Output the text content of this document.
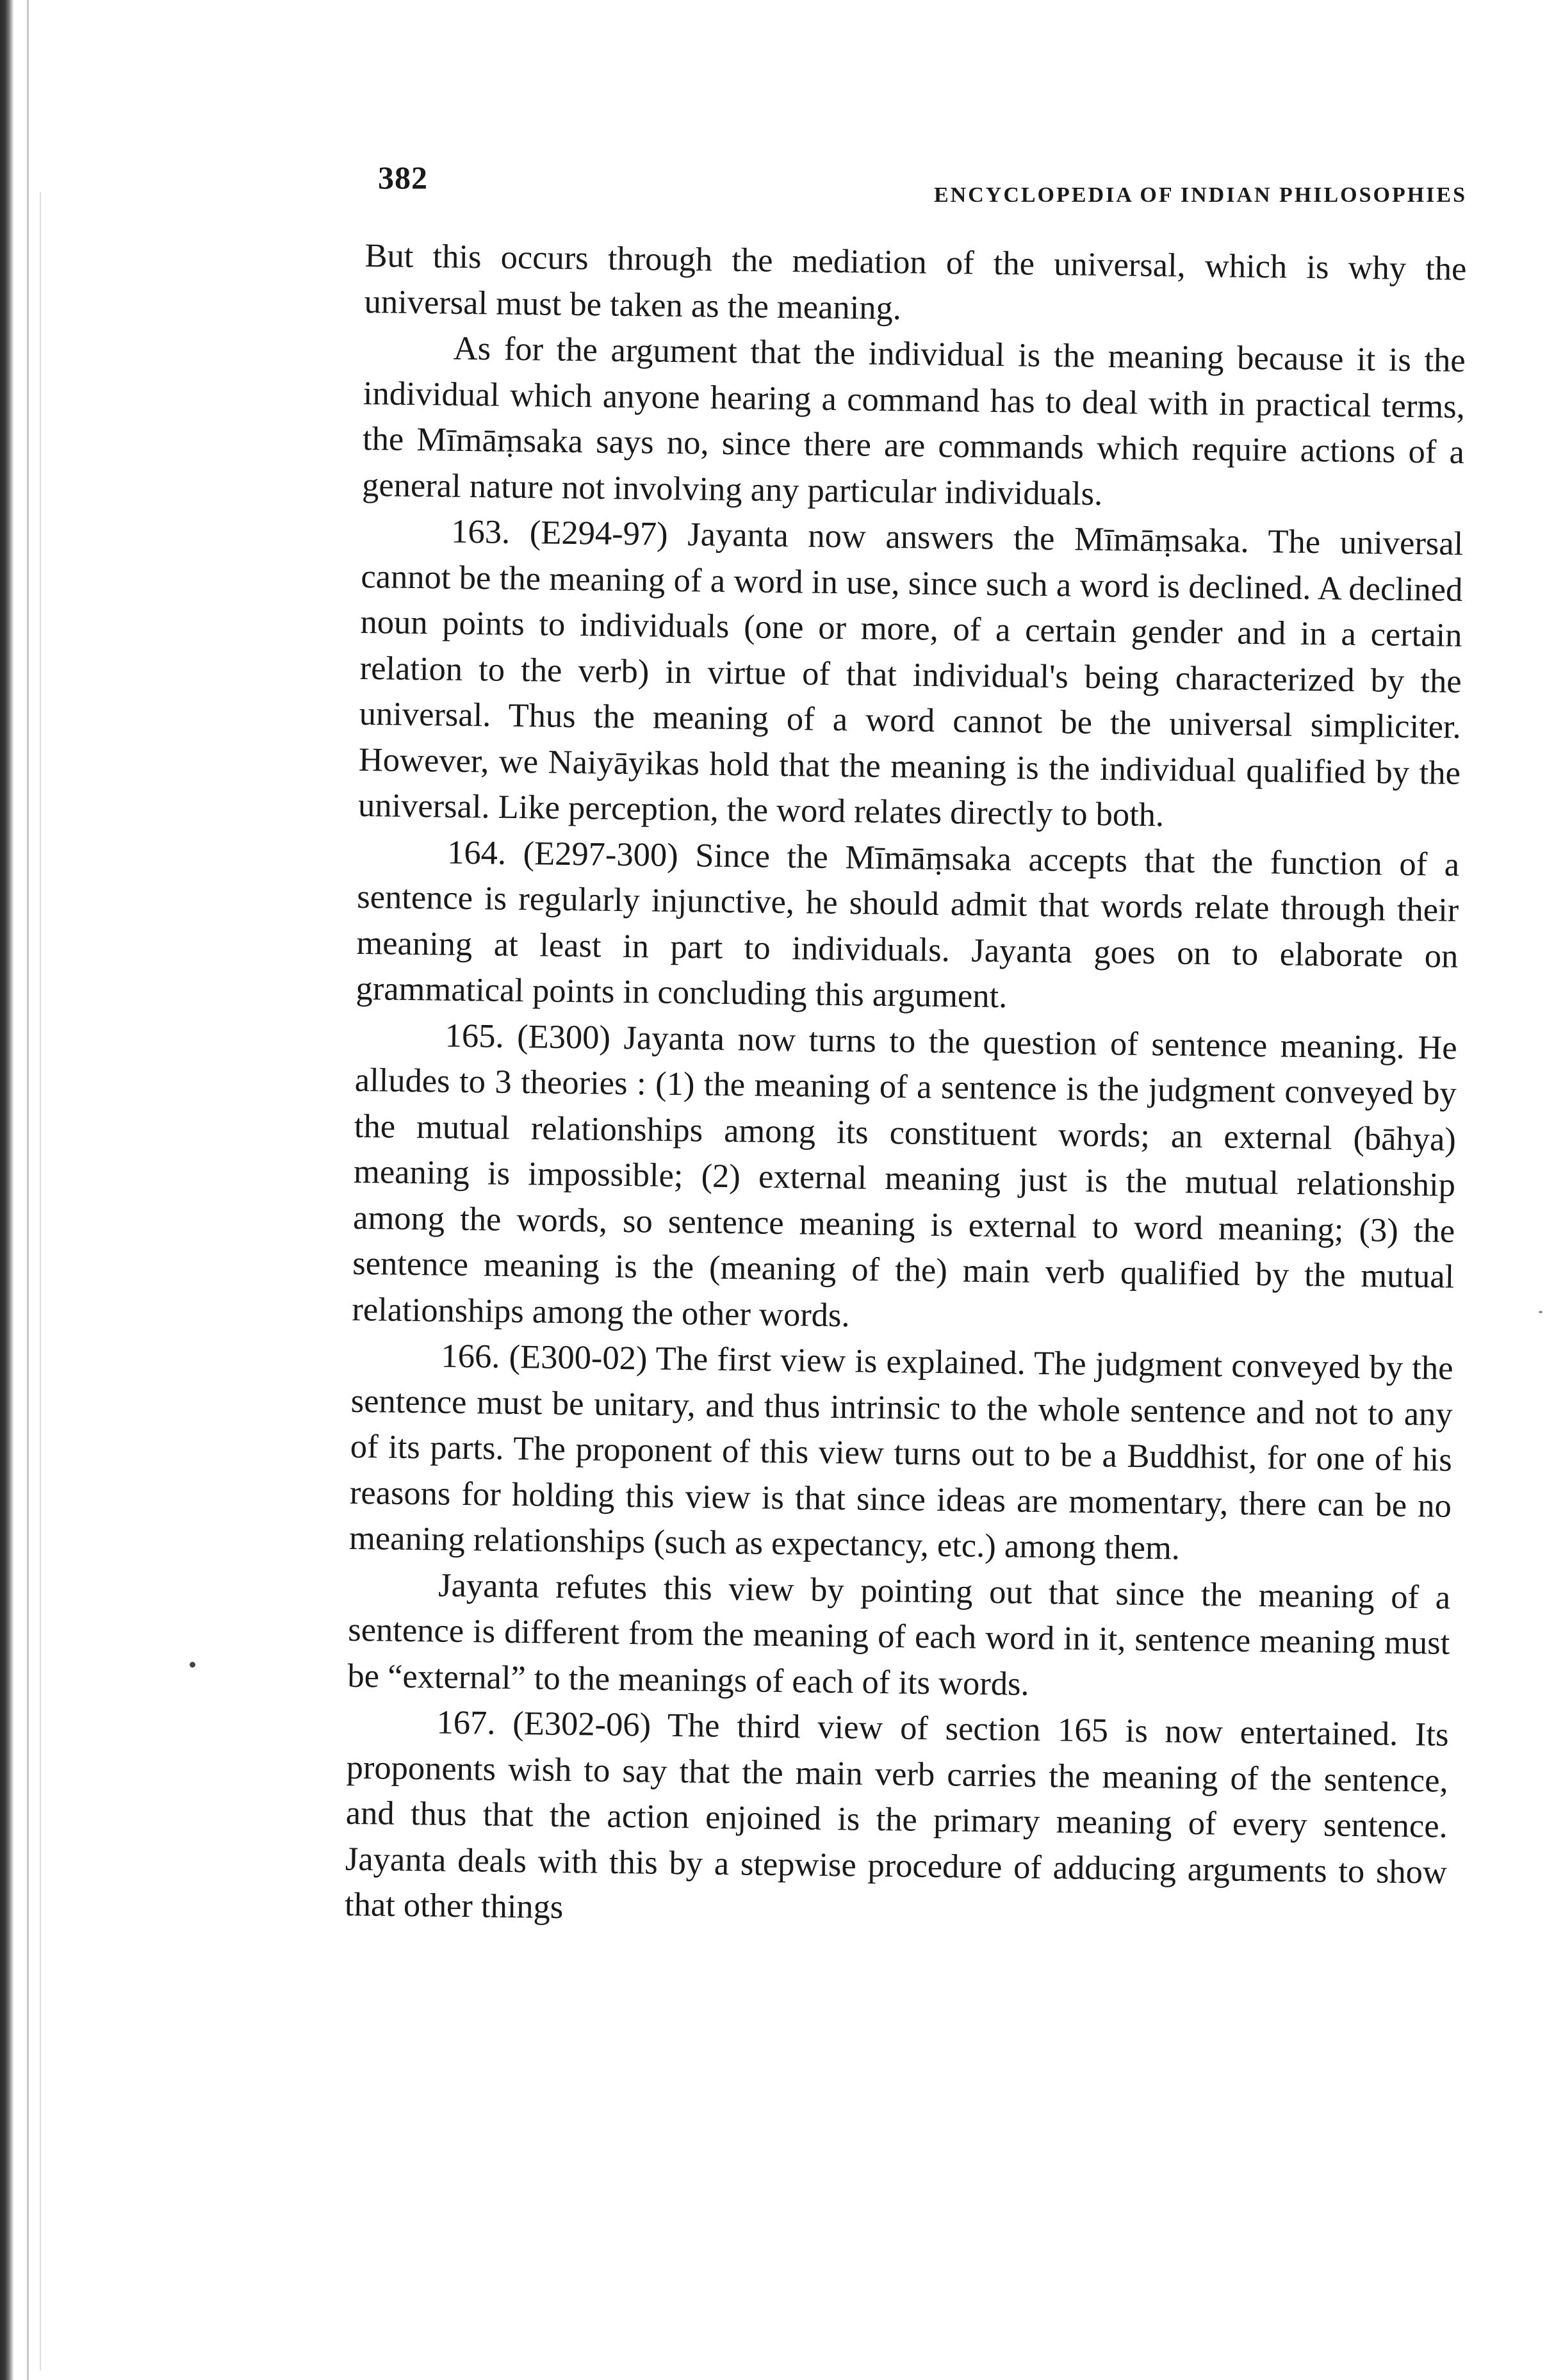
382	ENCYCLOPEDIA OF INDIAN PHILOSOPHIES

But this occurs through the mediation of the universal, which is why the universal must be taken as the meaning.

As for the argument that the individual is the meaning because it is the individual which anyone hearing a command has to deal with in practical terms, the Mīmāṃsaka says no, since there are commands which require actions of a general nature not involving any particular individuals.

163. (E294-97) Jayanta now answers the Mīmāṃsaka. The universal cannot be the meaning of a word in use, since such a word is declined. A declined noun points to individuals (one or more, of a certain gender and in a certain relation to the verb) in virtue of that individual's being characterized by the universal. Thus the meaning of a word cannot be the universal simpliciter. However, we Naiyāyikas hold that the meaning is the individual qualified by the universal. Like perception, the word relates directly to both.

164. (E297-300) Since the Mīmāṃsaka accepts that the function of a sentence is regularly injunctive, he should admit that words relate through their meaning at least in part to individuals. Jayanta goes on to elaborate on grammatical points in concluding this argument.

165. (E300) Jayanta now turns to the question of sentence meaning. He alludes to 3 theories : (1) the meaning of a sentence is the judgment conveyed by the mutual relationships among its constituent words; an external (bāhya) meaning is impossible; (2) external meaning just is the mutual relationship among the words, so sentence meaning is external to word meaning; (3) the sentence meaning is the (meaning of the) main verb qualified by the mutual relationships among the other words.

166. (E300-02) The first view is explained. The judgment conveyed by the sentence must be unitary, and thus intrinsic to the whole sentence and not to any of its parts. The proponent of this view turns out to be a Buddhist, for one of his reasons for holding this view is that since ideas are momentary, there can be no meaning relationships (such as expectancy, etc.) among them.

Jayanta refutes this view by pointing out that since the meaning of a sentence is different from the meaning of each word in it, sentence meaning must be “external” to the meanings of each of its words.

167. (E302-06) The third view of section 165 is now entertained. Its proponents wish to say that the main verb carries the meaning of the sentence, and thus that the action enjoined is the primary meaning of every sentence. Jayanta deals with this by a stepwise procedure of adducing arguments to show that other things
